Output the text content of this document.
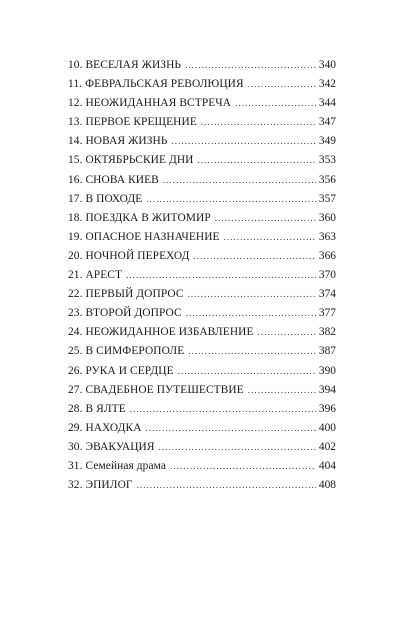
10. ВЕСЕЛАЯ ЖИЗНЬ . . .	340
11. ФЕВРАЛЬСКАЯ РЕВОЛЮЦИЯ . . .	342
12. НЕОЖИДАННАЯ ВСТРЕЧА . . .	344
13. ПЕРВОЕ КРЕЩЕНИЕ . . .	347
14. НОВАЯ ЖИЗНЬ . . .	349
15. ОКТЯБРЬСКИЕ ДНИ . . .	353
16. СНОВА КИЕВ . . .	356
17. В ПОХОДЕ . . .	357
18. ПОЕЗДКА В ЖИТОМИР . . .	360
19. ОПАСНОЕ НАЗНАЧЕНИЕ . . .	363
20. НОЧНОЙ ПЕРЕХОД . . .	366
21. АРЕСТ . . .	370
22. ПЕРВЫЙ ДОПРОС . . .	374
23. ВТОРОЙ ДОПРОС . . .	377
24. НЕОЖИДАННОЕ ИЗБАВЛЕНИЕ . . .	382
25. В СИМФЕРОПОЛЕ . . .	387
26. РУКА И СЕРДЦЕ . . .	390
27. СВАДЕБНОЕ ПУТЕШЕСТВИЕ . . .	394
28. В ЯЛТЕ . . .	396
29. НАХОДКА . . .	400
30. ЭВАКУАЦИЯ . . .	402
31. Семейная драма . . .	404
32. ЭПИЛОГ . . .	408
